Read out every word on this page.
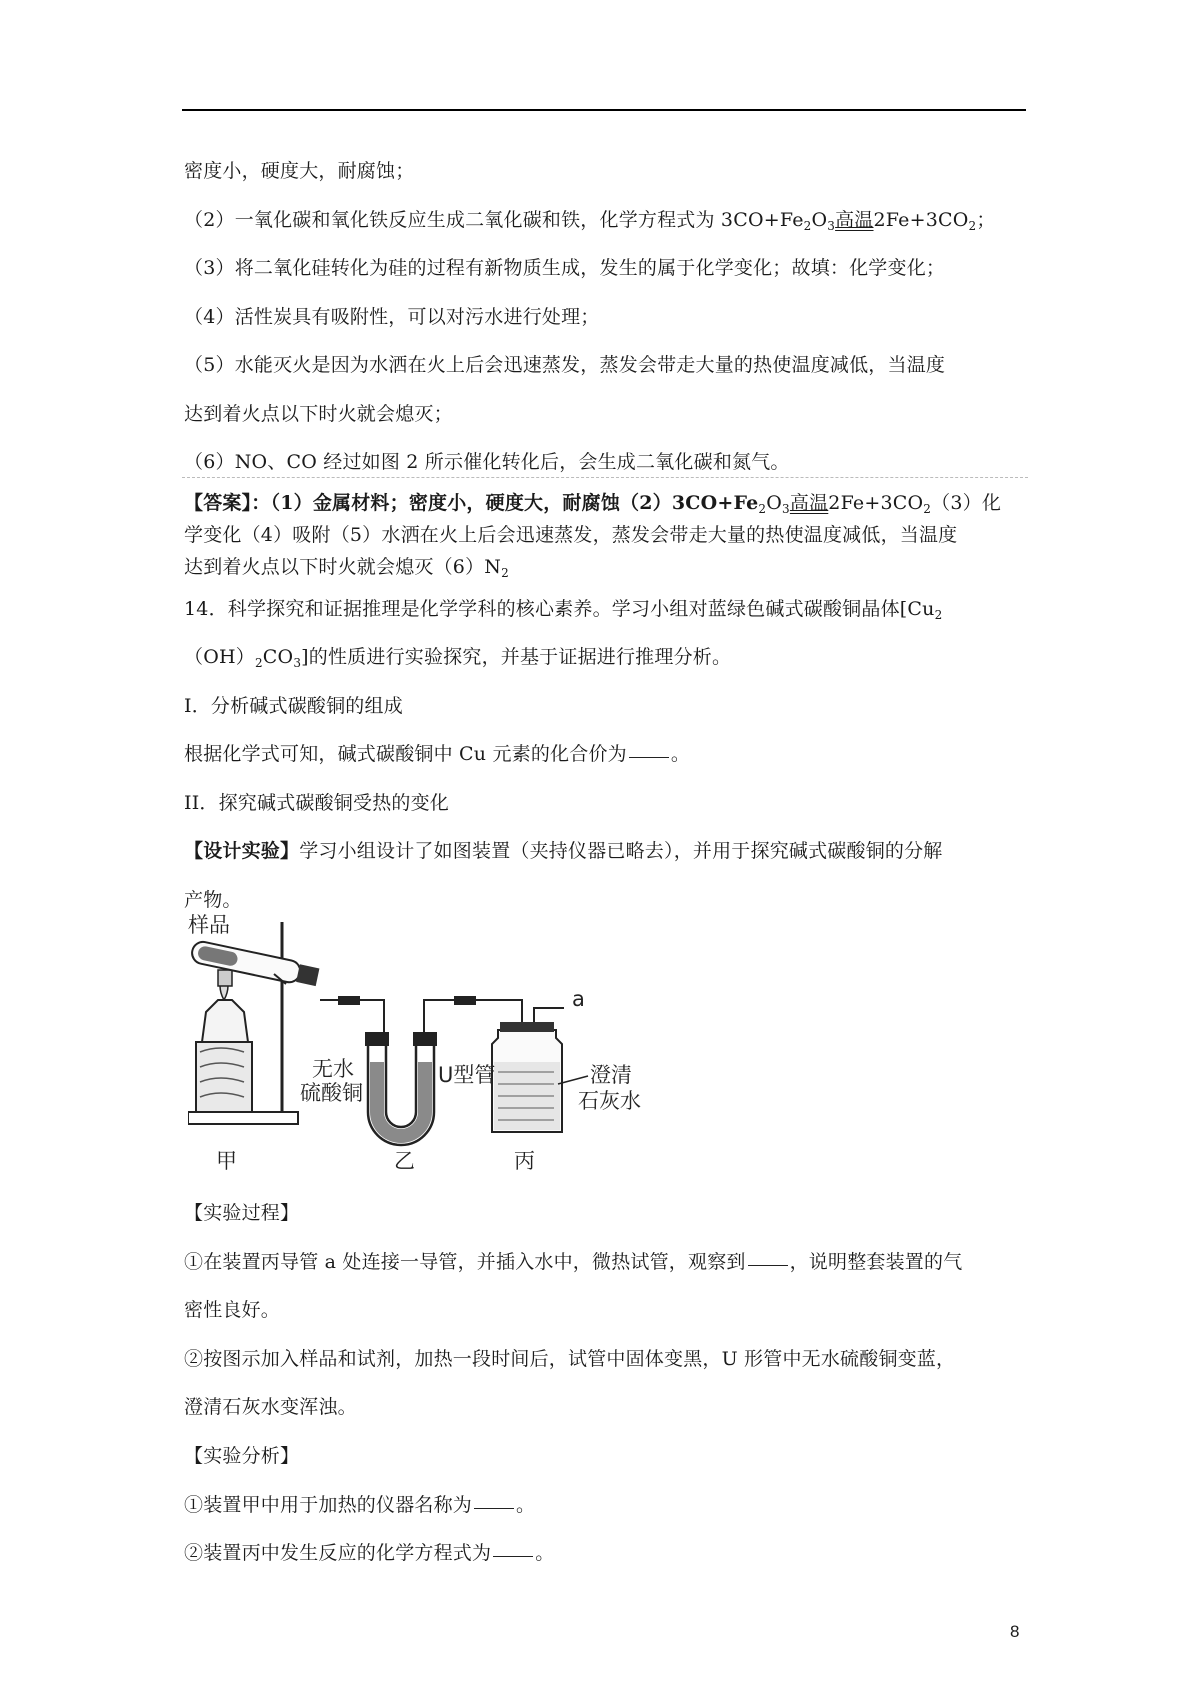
密度小，硬度大，耐腐蚀；
（2）一氧化碳和氧化铁反应生成二氧化碳和铁，化学方程式为 $3CO+Fe_2O_3$高温$2Fe+3CO_2$；
（3）将二氧化硅转化为硅的过程有新物质生成，发生的属于化学变化；故填：化学变化；
（4）活性炭具有吸附性，可以对污水进行处理；
（5）水能灭火是因为水洒在火上后会迅速蒸发，蒸发会带走大量的热使温度减低，当温度
达到着火点以下时火就会熄灭；
（6）NO、CO 经过如图 2 所示催化转化后，会生成二氧化碳和氮气。
【答案】：（1）金属材料；密度小，硬度大，耐腐蚀$(2)3CO+Fe_2O_3$高温$2Fe+3CO_2(3)$化
学变化（4）吸附（5）水洒在火上后会迅速蒸发，蒸发会带走大量的热使温度减低，当温度
达到着火点以下时火就会熄灭$(6)N_2$
14．科学探究和证据推理是化学学科的核心素养。学习小组对蓝绿色碱式碳酸铜晶体[$Cu_2$
$(OH)_2CO_3$]的性质进行实验探究，并基于证据进行推理分析。
I．分析碱式碳酸铜的组成
根据化学式可知，碱式碳酸铜中 Cu 元素的化合价为 。
II．探究碱式碳酸铜受热的变化
【设计实验】学习小组设计了如图装置（夹持仪器已略去），并用于探究碱式碳酸铜的分解
产物。
样品
无水
硫酸铜
U型管	澄清
石灰水
a
甲	乙	丙
【实验过程】
①在装置丙导管 a 处连接一导管，并插入水中，微热试管，观察到 ，说明整套装置的气
密性良好。
②按图示加入样品和试剂，加热一段时间后，试管中固体变黑，U 形管中无水硫酸铜变蓝，
澄清石灰水变浑浊。
【实验分析】
①装置甲中用于加热的仪器名称为 。
②装置丙中发生反应的化学方程式为 。
8
